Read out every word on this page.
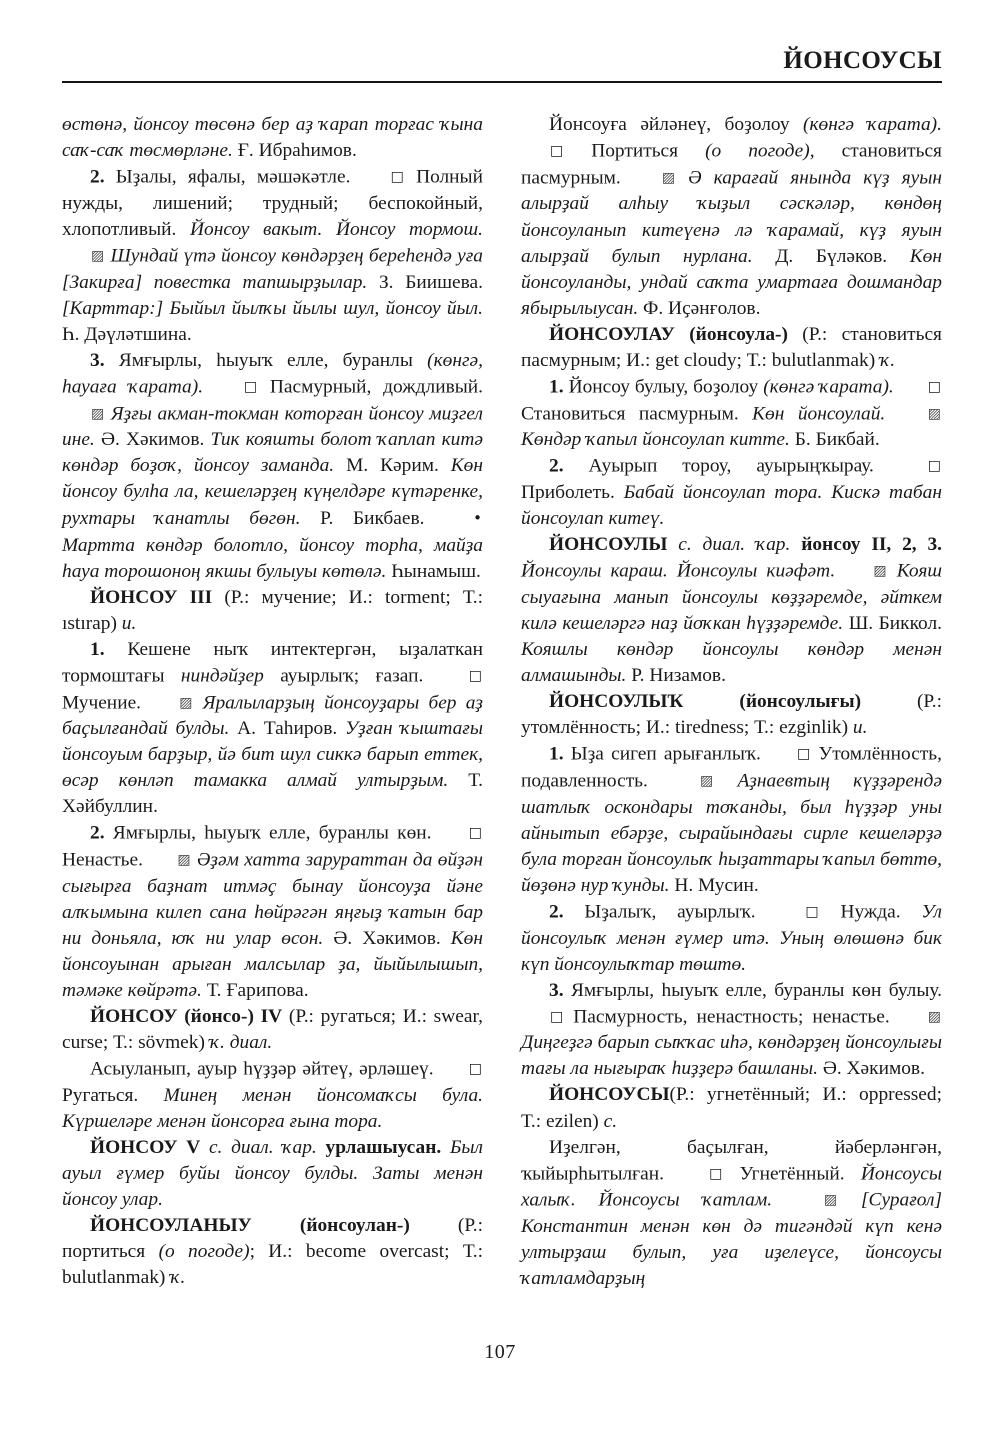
ЙОНСОУСЫ

өстөнә, йонсоу төсөнә бер аҙ ҡарап торғас ҡына саҡ-саҡ төсмөрләне. Ғ. Ибраһимов.

2. Ыҙалы, яфалы, мәшәкәтле.	□ Полный нужды, лишений; трудный; беспокойный, хлопотливый. Йонсоу вакыт. Йонсоу тормош. ▨ Шундай үтә йонсоу көндәрҙең береһендә уға [Закирға] повестка тапшырҙылар. З. Биишева. [Карттар:] Быйыл йылҡы йылы шул, йонсоу йыл. Һ. Дәүләтшина.

3. Ямғырлы, һыуыҡ елле, буранлы (көнгә, һауаға ҡарата).	□ Пасмурный, дождливый. ▨ Яҙғы акман-токман которған йонсоу миҙгел ине. Ә. Хәкимов. Тик кояшты болот ҡаплап китә көндәр боҙоҡ, йонсоу заманда. М. Кәрим. Көн йонсоу булһа ла, кешеләрҙең күңелдәре күтәренке, рухтары ҡанатлы бөгөн. Р. Бикбаев.	• Мартта көндәр болотло, йонсоу торһа, майҙа һауа торошоноң якшы булыуы көтөлә. Һынамыш.

ЙОНСОУ III (Р.: мучение; И.: torment; Т.: ıstırap) и.

1. Кешене ныҡ интектергән, ыҙалаткан тормоштағы ниндәйҙер ауырлыҡ; ғазап.	□ Мучение.	▨ Яралыларҙың йонсоуҙары бер аҙ баҫылғандай булды. А. Таһиров. Уҙған ҡыштағы йонсоуым барҙыр, йә бит шул сиккә барып еттек, өсәр көнләп тамакка алмай ултырҙым. Т. Хәйбуллин.

2. Ямғырлы, һыуыҡ елле, буранлы көн.	□ Ненастье. ▨ Әҙәм хатта зарураттан да өйҙән сығырға баҙнат итмәҫ бынау йонсоуҙа йәне алҡымына килеп сана һөйрәгән яңғыҙ ҡатын бар ни доньяла, юҡ ни улар өсон. Ә. Хәкимов. Көн йонсоуынан арыған малсылар ҙа, йыйылышып, тәмәке көйрәтә. Т. Ғарипова.

ЙОНСОУ (йонсо-) IV (Р.: ругаться; И.: swear, curse; Т.: sövmek) ҡ. диал.

Асыуланып, ауыр һүҙҙәр әйтеү, әрләшеү.	□ Ругаться. Минең менән йонсомаҡсы була. Күршеләре менән йонсорға ғына тора.

ЙОНСОУ V с. диал. ҡар. урлашыусан. Был ауыл ғүмер буйы йонсоу булды. Заты менән йонсоу улар.

ЙОНСОУЛАНЫУ (йонсоулан-) (Р.: портиться (о погоде); И.: become overcast; Т.: bulutlanmak) ҡ.

Йонсоуға әйләнеү, боҙолоу (көнгә ҡарата). □ Портиться (о погоде), становиться пасмурным.	▨ Ә карағай янында күҙ яуын алырҙай алһыу ҡыҙыл сәскәләр, көндөң йонсоуланып китеүенә лә ҡарамай, күҙ яуын алырҙай булып нурлана. Д. Бүләков. Көн йонсоуланды, ундай саҡта умартаға дошмандар ябырылыусан. Ф. Иҫәнғолов.

ЙОНСОУЛАУ (йонсоула-) (Р.: становиться пасмурным; И.: get cloudy; Т.: bulutlanmak) ҡ.

1. Йонсоу булыу, боҙолоу (көнгә ҡарата). □ Становиться пасмурным. Көн йонсоулай.	▨ Көндәр ҡапыл йонсоулап китте. Б. Бикбай.

2. Ауырып тороу, ауырыңҡырау.	□ Приболеть. Бабай йонсоулап тора. Кискә табан йонсоулап китеү.

ЙОНСОУЛЫ с. диал. ҡар. йонсоу II, 2, 3. Йонсоулы караш. Йонсоулы киәфәт.	▨ Кояш сыуағына манып йонсоулы көҙҙәремде, әйткем килә кешеләргә наҙ йоҡкан һүҙҙәремде. Ш. Биккол. Кояшлы көндәр йонсоулы көндәр менән алмашынды. Р. Низамов.

ЙОНСОУЛЫҠ	(йонсоулығы)	(Р.: утомлённость; И.: tiredness; Т.: ezginlik) и.

1. Ыҙа сигеп арығанлыҡ.	□ Утомлённость, подавленность.	▨ Аҙнаевтың күҙҙәрендә шатлыҡ оскондары тоҡанды, был һүҙҙәр уны айнытып ебәрҙе, сырайындағы сирле кешеләрҙә була торған йонсоулыҡ һыҙаттары ҡапыл бөттө, йөҙөнә нур ҡунды. Н. Мусин.

2. Ыҙалыҡ, ауырлыҡ.	□ Нужда. Ул йонсоулыҡ менән ғүмер итә. Уның өлөшөнә бик күп йонсоулыҡтар төштө.

3. Ямғырлы, һыуыҡ елле, буранлы көн булыу. □ Пасмурность, ненастность; ненастье.	▨ Диңгеҙгә барып сыҡҡас иһә, көндәрҙең йонсоулығы тағы ла нығыраҡ һиҙҙерә башланы. Ә. Хәкимов.

ЙОНСОУСЫ(Р.: угнетённый; И.: oppressed; Т.: ezilen) с.

Иҙелгән, баҫылған, йәберләнгән, ҡыйырһытылған.	□ Угнетённый. Йонсоусы халыҡ. Йонсоусы ҡатлам.	▨ [Сурағол] Константин менән көн дә тигәндәй күп кенә ултырҙаш булып, уға иҙелеүсе, йонсоусы ҡатламдарҙың

107
